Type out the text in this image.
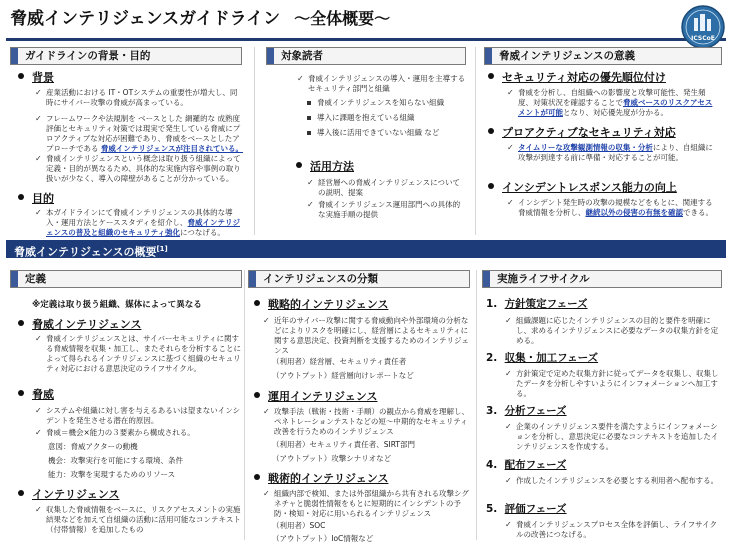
脅威インテリジェンスガイドライン ～全体概要～
ICSCoE
ガイドラインの背景・目的	対象読者	脅威インテリジェンスの意義
背景
✓ 産業活動における IT・OTシステムの重要性が増大し、同時にサイバー攻撃の脅威が高まっている。
✓ フレームワークや法規制を ベースとした 網羅的な 成熟度評価とセキュリティ対策では現実で発生している脅威にプロアクティブな対応が困難であり、脅威をベースとしたアプローチである 脅威インテリジェンスが注目されている。
✓ 脅威インテリジェンスという概念は取り扱う組織によって定義・目的が異なるため、具体的な実施内容や事例の取り扱いが少なく、導入の障壁があることが分かっている。
目的
✓ 本ガイドラインにて脅威インテリジェンスの具体的な導入・運用方法とケーススタディを紹介し、脅威インテリジェンスの普及と組織のセキュリティ強化につなげる。
✓ 脅威インテリジェンスの導入・運用を主導するセキュリティ部門と組織
脅威インテリジェンスを知らない組織
導入に課題を抱えている組織
導入後に活用できていない組織 など
活用方法
✓ 経営層への脅威インテリジェンスについての説明、提案
✓ 脅威インテリジェンス運用部門への具体的な実施手順の提供
セキュリティ対応の優先順位付け
✓ 脅威を分析し、自組織への影響度と攻撃可能性、発生頻度、対策状況を確認することで脅威ベースのリスクアセスメントが可能となり、対応優先度が分かる。
プロアクティブなセキュリティ対応
✓ タイムリーな攻撃観測情報の収集・分析により、自組織に攻撃が到達する前に準備・対応することが可能。
インシデントレスポンス能力の向上
✓ インシデント発生時の攻撃の規模などをもとに、関連する脅威情報を分析し、継続以外の侵害の有無を確認できる。
脅威インテリジェンスの概要[1]
定義	インテリジェンスの分類	実施ライフサイクル
※定義は取り扱う組織、媒体によって異なる
脅威インテリジェンス
✓ 脅威インテリジェンスとは、サイバーセキュリティに関する脅威情報を収集・加工し、またそれらを分析することによって得られるインテリジェンスに基づく組織のセキュリティ対応における意思決定のライフサイクル。
脅威
✓ システムや組織に対し害を与えるあるいは望まないインシデントを発生させる潜在的原因。
✓ 脅威＝機会×能力の３要素から構成される。
意図：脅威アクターの動機
機会：攻撃実行を可能にする環境、条件
能力：攻撃を実現するためのリソース
インテリジェンス
✓ 収集した脅威情報をベースに、リスクアセスメントの実施結果などを加えて自組織の活動に活用可能なコンテキスト（付帯情報）を追加したもの
戦略的インテリジェンス
✓ 近年のサイバー攻撃に関する脅威動向や外部環境の分析などによりリスクを明確にし、経営層によるセキュリティに関する意思決定、投資判断を支援するためのインテリジェンス
（利用者）経営層、セキュリティ責任者
（アウトプット）経営層向けレポートなど
運用インテリジェンス
✓ 攻撃手法（戦術・技術・手順）の観点から脅威を理解し、ペネトレーションテストなどの短～中期的なセキュリティ改善を行うためのインテリジェンス
（利用者）セキュリティ責任者、SIRT部門
（アウトプット）攻撃シナリオなど
戦術的インテリジェンス
✓ 組織内部で検知、または外部組織から共有される攻撃シグネチャと脆弱性情報をもとに短期的にインシデントの予防・検知・対応に用いられるインテリジェンス
（利用者）SOC
（アウトプット）IoC情報など
1. 方針策定フェーズ
✓ 組織課題に応じたインテリジェンスの目的と要件を明確にし、求めるインテリジェンスに必要なデータの収集方針を定める。
2. 収集・加工フェーズ
✓ 方針策定で定めた収集方針に従ってデータを収集し、収集したデータを分析しやすいようにインフォメーションへ加工する。
3. 分析フェーズ
✓ 企業のインテリジェンス要件を満たすようにインフォメーションを分析し、意思決定に必要なコンテキストを追加したインテリジェンスを作成する。
4. 配布フェーズ
✓ 作成したインテリジェンスを必要とする利用者へ配布する。
5. 評価フェーズ
✓ 脅威インテリジェンスプロセス全体を評価し、ライフサイクルの改善につなげる。
